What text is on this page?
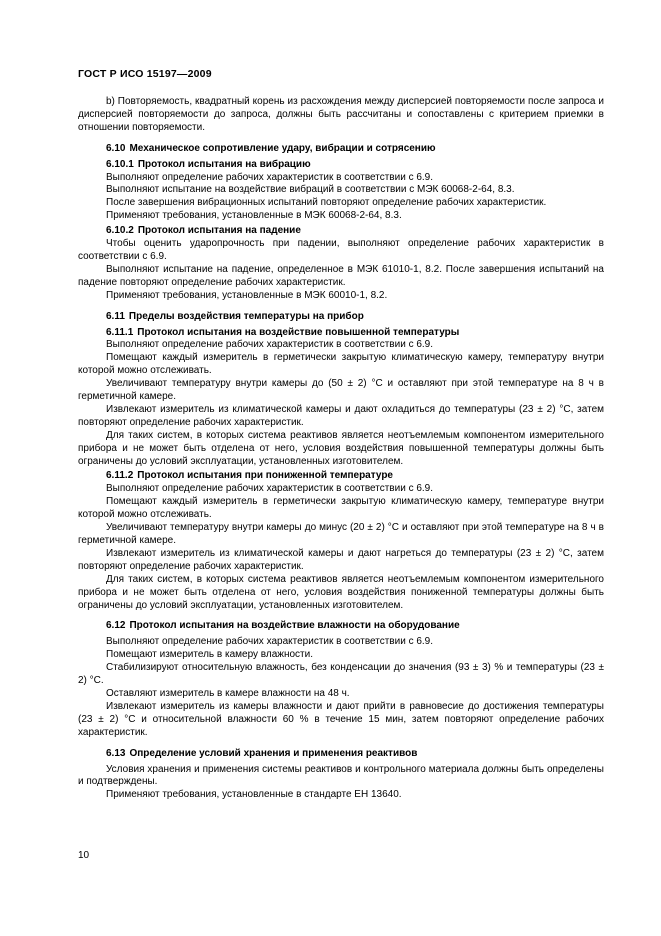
ГОСТ Р ИСО 15197—2009

b) Повторяемость, квадратный корень из расхождения между дисперсией повторяемости после запроса и дисперсией повторяемости до запроса, должны быть рассчитаны и сопоставлены с критерием приемки в отношении повторяемости.

6.10 Механическое сопротивление удару, вибрации и сотрясению
6.10.1 Протокол испытания на вибрацию

Выполняют определение рабочих характеристик в соответствии с 6.9.

Выполняют испытание на воздействие вибраций в соответствии с МЭК 60068-2-64, 8.3.

После завершения вибрационных испытаний повторяют определение рабочих характеристик.

Применяют требования, установленные в МЭК 60068-2-64, 8.3.

6.10.2 Протокол испытания на падение

Чтобы оценить ударопрочность при падении, выполняют определение рабочих характеристик в соответствии с 6.9.

Выполняют испытание на падение, определенное в МЭК 61010-1, 8.2. После завершения испытаний на падение повторяют определение рабочих характеристик.

Применяют требования, установленные в МЭК 60010-1, 8.2.

6.11 Пределы воздействия температуры на прибор
6.11.1 Протокол испытания на воздействие повышенной температуры

Выполняют определение рабочих характеристик в соответствии с 6.9.

Помещают каждый измеритель в герметически закрытую климатическую камеру, температуру внутри которой можно отслеживать.

Увеличивают температуру внутри камеры до (50 ± 2) °С и оставляют при этой температуре на 8 ч в герметичной камере.

Извлекают измеритель из климатической камеры и дают охладиться до температуры (23 ± 2) °С, затем повторяют определение рабочих характеристик.

Для таких систем, в которых система реактивов является неотъемлемым компонентом измерительного прибора и не может быть отделена от него, условия воздействия повышенной температуры должны быть ограничены до условий эксплуатации, установленных изготовителем.

6.11.2 Протокол испытания при пониженной температуре

Выполняют определение рабочих характеристик в соответствии с 6.9.

Помещают каждый измеритель в герметически закрытую климатическую камеру, температуре внутри которой можно отслеживать.

Увеличивают температуру внутри камеры до минус (20 ± 2) °С и оставляют при этой температуре на 8 ч в герметичной камере.

Извлекают измеритель из климатической камеры и дают нагреться до температуры (23 ± 2) °С, затем повторяют определение рабочих характеристик.

Для таких систем, в которых система реактивов является неотъемлемым компонентом измерительного прибора и не может быть отделена от него, условия воздействия пониженной температуры должны быть ограничены до условий эксплуатации, установленных изготовителем.

6.12 Протокол испытания на воздействие влажности на оборудование

Выполняют определение рабочих характеристик в соответствии с 6.9.

Помещают измеритель в камеру влажности.

Стабилизируют относительную влажность, без конденсации до значения (93 ± 3) % и температуры (23 ± 2) °С.

Оставляют измеритель в камере влажности на 48 ч.

Извлекают измеритель из камеры влажности и дают прийти в равновесие до достижения температуры (23 ± 2) °С и относительной влажности 60 % в течение 15 мин, затем повторяют определение рабочих характеристик.

6.13 Определение условий хранения и применения реактивов

Условия хранения и применения системы реактивов и контрольного материала должны быть определены и подтверждены.

Применяют требования, установленные в стандарте ЕН 13640.

10
